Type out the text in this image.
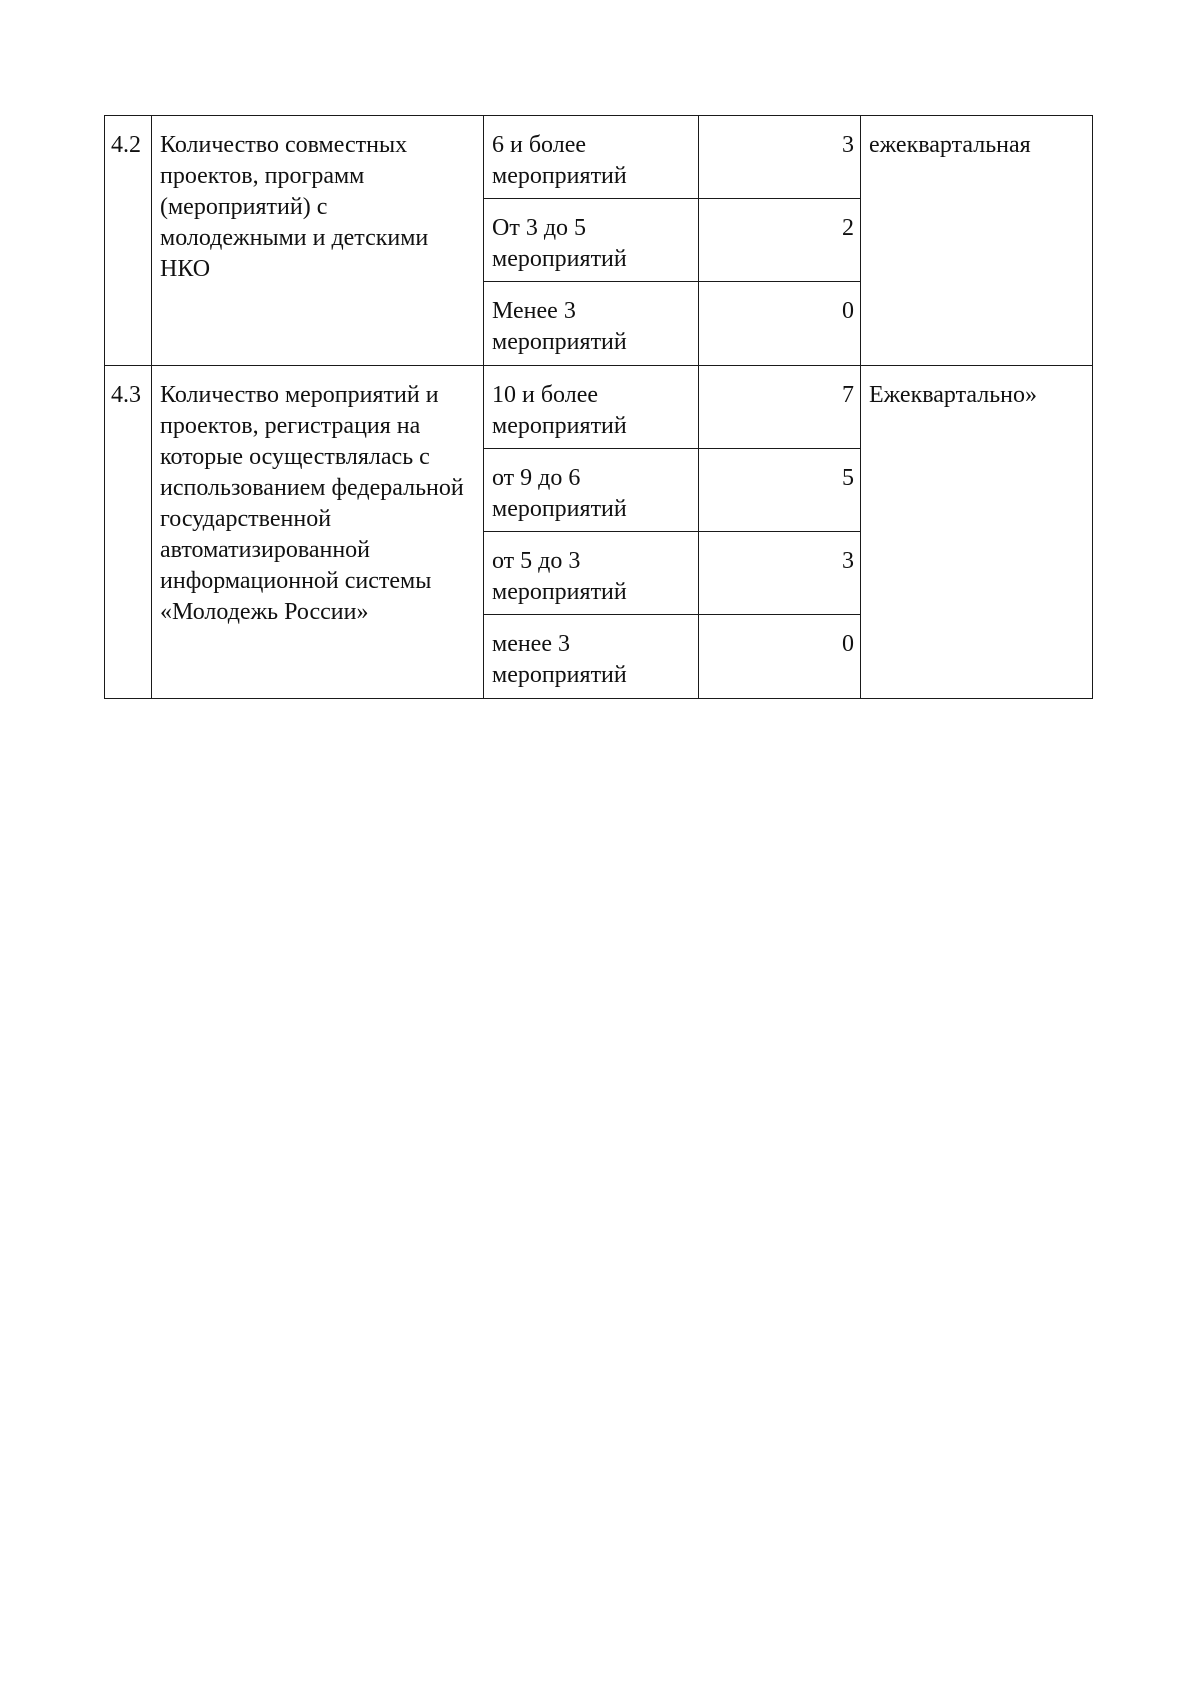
4.2	Количество совместных проектов, программ (мероприятий) с молодежными и детскими НКО	6 и более мероприятий	3	ежеквартальная

		От 3 до 5 мероприятий	2	

		Менее 3 мероприятий	0	

4.3	Количество мероприятий и проектов, регистрация на которые осуществлялась с использованием федеральной государственной автоматизированной информационной системы «Молодежь России»	10 и более мероприятий	7	Ежеквартально»

		от 9 до 6 мероприятий	5	

		от 5 до 3 мероприятий	3	

		менее 3 мероприятий	0	
